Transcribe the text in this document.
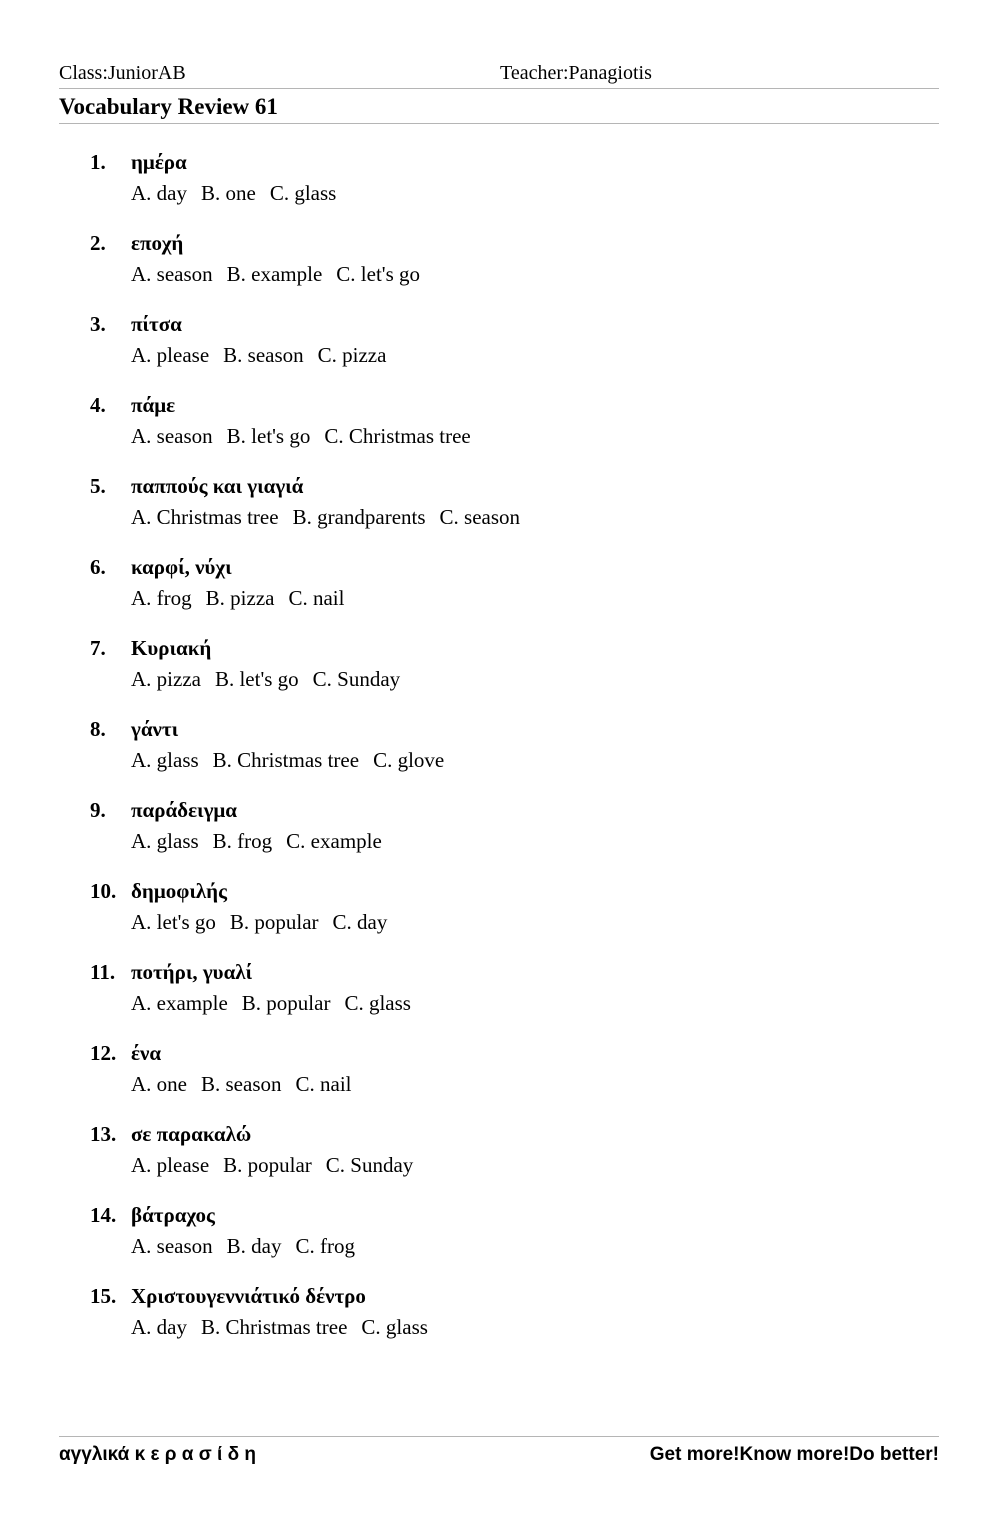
Class:JuniorAB	Teacher:Panagiotis
Vocabulary Review 61
1.	ημέρα
A. day B. one C. glass
2.	εποχή
A. season B. example C. let's go
3.	πίτσα
A. please B. season C. pizza
4.	πάμε
A. season B. let's go C. Christmas tree
5.	παππούς και γιαγιά
A. Christmas tree B. grandparents C. season
6.	καρφί, νύχι
A. frog B. pizza C. nail
7.	Κυριακή
A. pizza B. let's go C. Sunday
8.	γάντι
A. glass B. Christmas tree C. glove
9.	παράδειγμα
A. glass B. frog C. example
10. δημοφιλής
A. let's go B. popular C. day
11. ποτήρι, γυαλί
A. example B. popular C. glass
12. ένα
A. one B. season C. nail
13. σε παρακαλώ
A. please B. popular C. Sunday
14. βάτραχος
A. season B. day C. frog
15. Χριστουγεννιάτικό δέντρο
A. day B. Christmas tree C. glass
αγγλικά κ ε ρ α σ ί δ η	Get more!Know more!Do better!
